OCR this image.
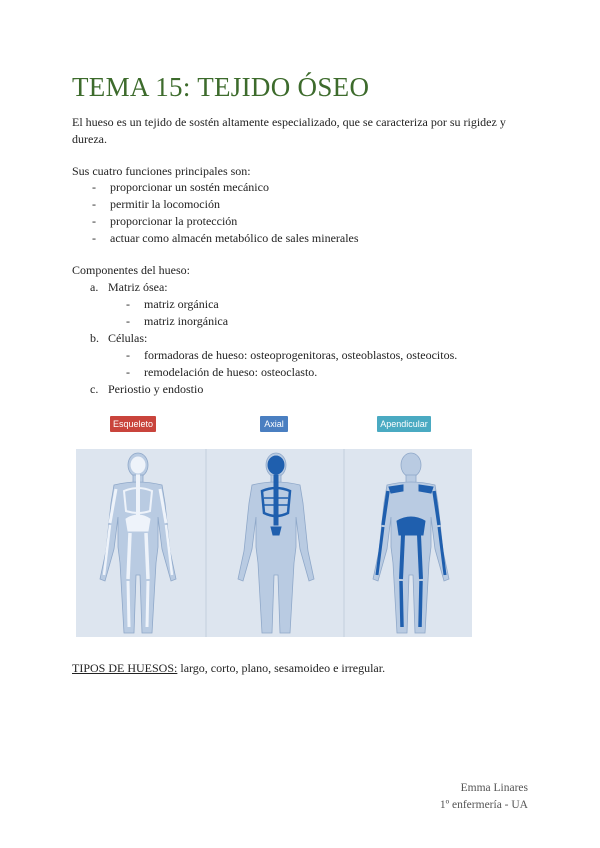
TEMA 15: TEJIDO ÓSEO
El hueso es un tejido de sostén altamente especializado, que se caracteriza por su rigidez y dureza.
Sus cuatro funciones principales son:
- proporcionar un sostén mecánico
- permitir la locomoción
- proporcionar la protección
- actuar como almacén metabólico de sales minerales
Componentes del hueso:
a. Matriz ósea:
- matriz orgánica
- matriz inorgánica
b. Células:
- formadoras de hueso: osteoprogenitoras, osteoblastos, osteocitos.
- remodelación de hueso: osteoclasto.
c. Periostio y endostio
Esqueleto	Axial	Apendicular
TIPOS DE HUESOS: largo, corto, plano, sesamoideo e irregular.
Emma Linares
1º enfermería - UA
